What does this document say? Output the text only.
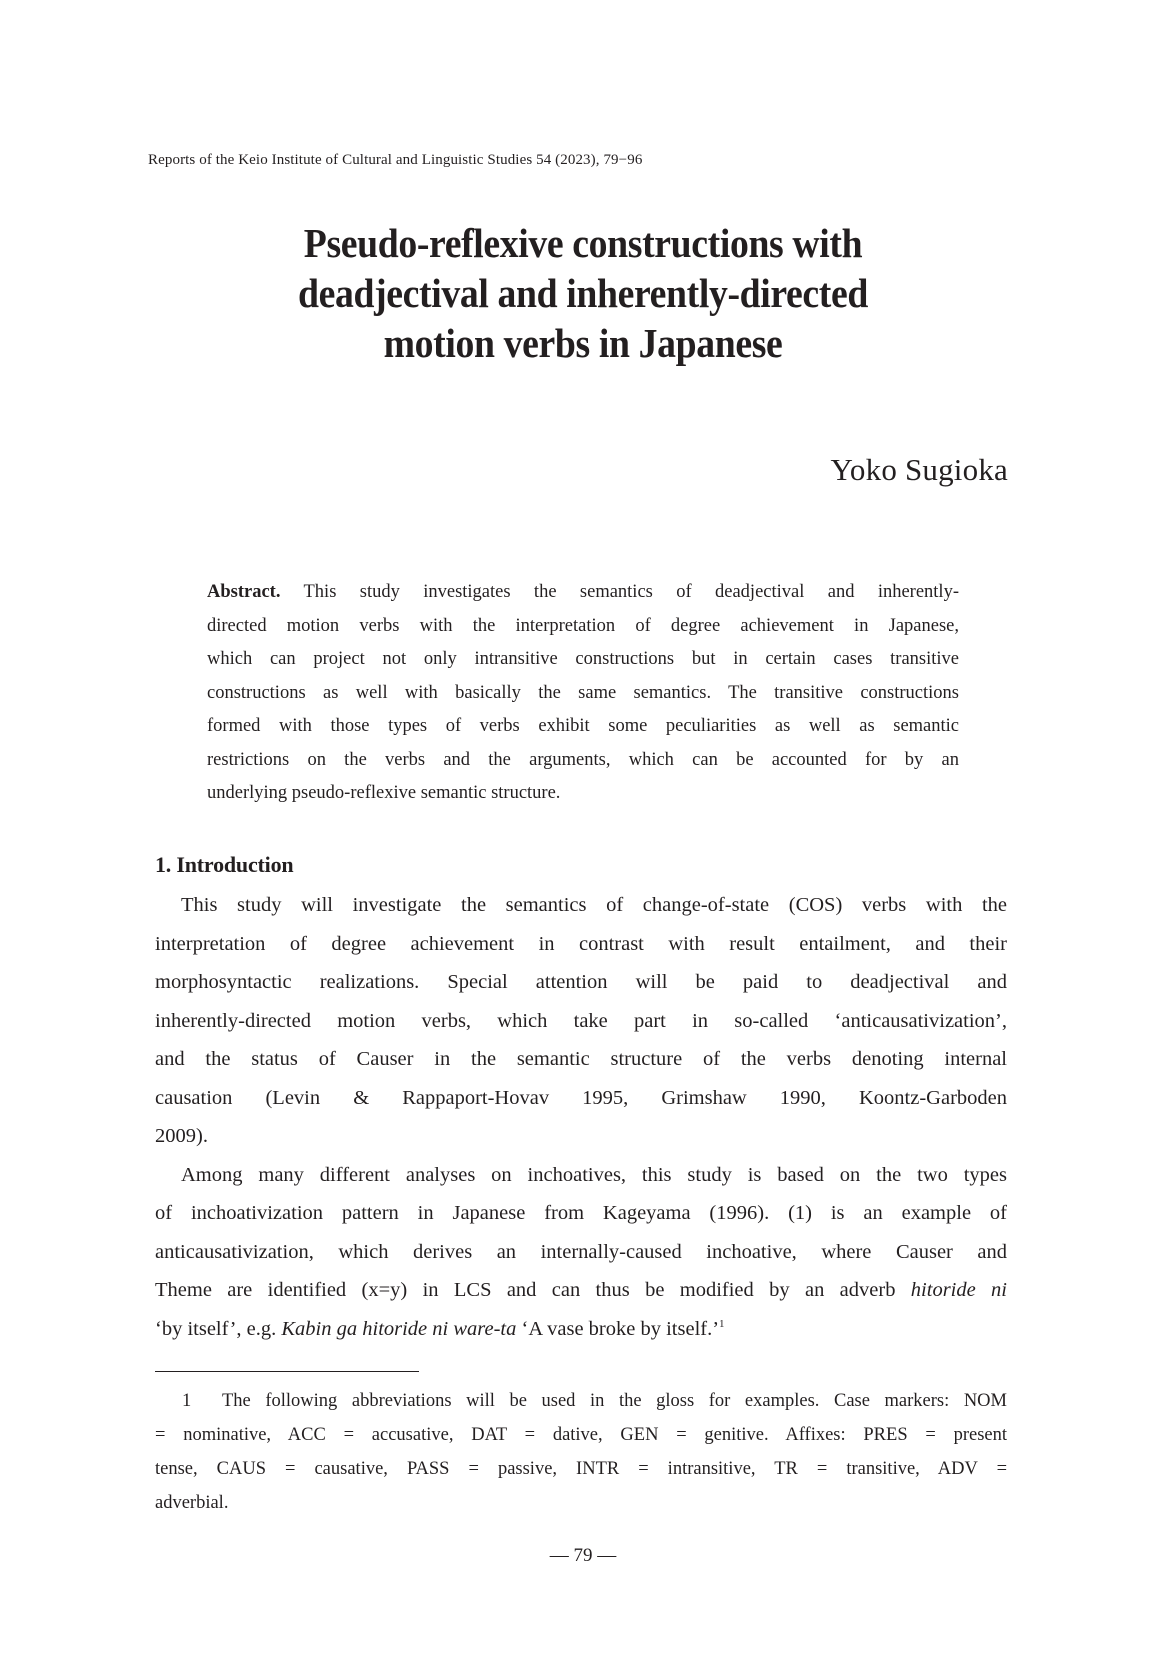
Reports of the Keio Institute of Cultural and Linguistic Studies 54 (2023), 79−96
Pseudo-reflexive constructions with
deadjectival and inherently-directed
motion verbs in Japanese
Yoko Sugioka
Abstract. This study investigates the semantics of deadjectival and inherently-
directed motion verbs with the interpretation of degree achievement in Japanese,
which can project not only intransitive constructions but in certain cases transitive
constructions as well with basically the same semantics. The transitive constructions
formed with those types of verbs exhibit some peculiarities as well as semantic
restrictions on the verbs and the arguments, which can be accounted for by an
underlying pseudo-reflexive semantic structure.
1. Introduction
This study will investigate the semantics of change-of-state (COS) verbs with the
interpretation of degree achievement in contrast with result entailment, and their
morphosyntactic realizations. Special attention will be paid to deadjectival and
inherently-directed motion verbs, which take part in so-called ‘anticausativization’,
and the status of Causer in the semantic structure of the verbs denoting internal
causation (Levin & Rappaport-Hovav 1995, Grimshaw 1990, Koontz-Garboden
2009).
Among many different analyses on inchoatives, this study is based on the two types
of inchoativization pattern in Japanese from Kageyama (1996). (1) is an example of
anticausativization, which derives an internally-caused inchoative, where Causer and
Theme are identified (x=y) in LCS and can thus be modified by an adverb hitoride ni
‘by itself’, e.g. Kabin ga hitoride ni ware-ta ‘A vase broke by itself.’$^1$
1 The following abbreviations will be used in the gloss for examples. Case markers: NOM
= nominative, ACC = accusative, DAT = dative, GEN = genitive. Affixes: PRES = present
tense, CAUS = causative, PASS = passive, INTR = intransitive, TR = transitive, ADV =
adverbial.
— 79 —
